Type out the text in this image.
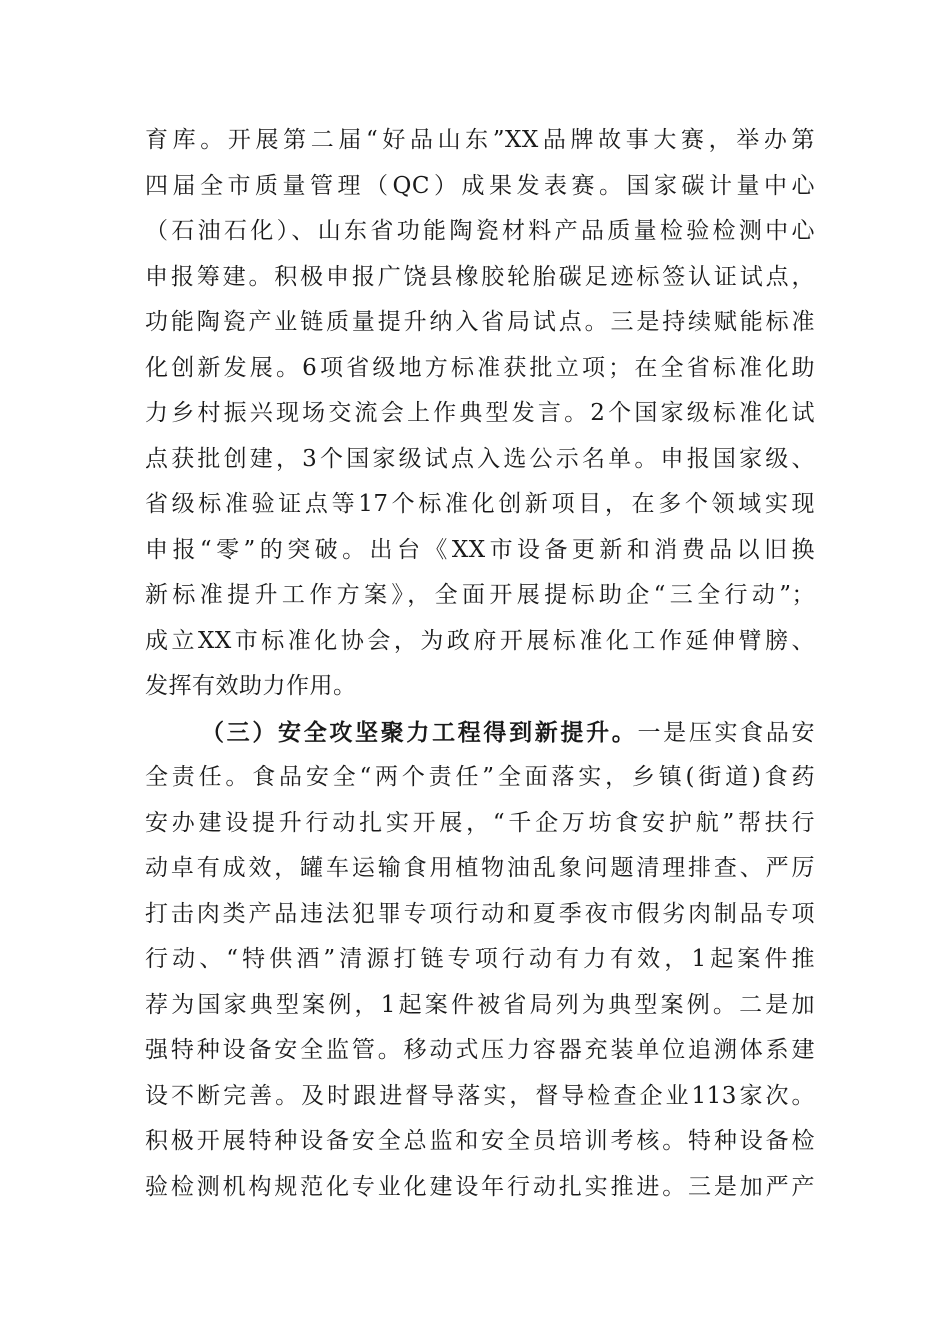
育库。开展第二届“好品山东”XX品牌故事大赛，举办第
四届全市质量管理（QC）成果发表赛。国家碳计量中心
（石油石化）、山东省功能陶瓷材料产品质量检验检测中心
申报筹建。积极申报广饶县橡胶轮胎碳足迹标签认证试点，
功能陶瓷产业链质量提升纳入省局试点。三是持续赋能标准
化创新发展。6项省级地方标准获批立项；在全省标准化助
力乡村振兴现场交流会上作典型发言。2个国家级标准化试
点获批创建，3个国家级试点入选公示名单。申报国家级、
省级标准验证点等17个标准化创新项目，在多个领域实现
申报“零”的突破。出台《XX市设备更新和消费品以旧换
新标准提升工作方案》，全面开展提标助企“三全行动”；
成立XX市标准化协会，为政府开展标准化工作延伸臂膀、
发挥有效助力作用。
（三）安全攻坚聚力工程得到新提升。一是压实食品安
全责任。食品安全“两个责任”全面落实，乡镇(街道)食药
安办建设提升行动扎实开展，“千企万坊食安护航”帮扶行
动卓有成效，罐车运输食用植物油乱象问题清理排查、严厉
打击肉类产品违法犯罪专项行动和夏季夜市假劣肉制品专项
行动、“特供酒”清源打链专项行动有力有效，1起案件推
荐为国家典型案例，1起案件被省局列为典型案例。二是加
强特种设备安全监管。移动式压力容器充装单位追溯体系建
设不断完善。及时跟进督导落实，督导检查企业113家次。
积极开展特种设备安全总监和安全员培训考核。特种设备检
验检测机构规范化专业化建设年行动扎实推进。三是加严产
